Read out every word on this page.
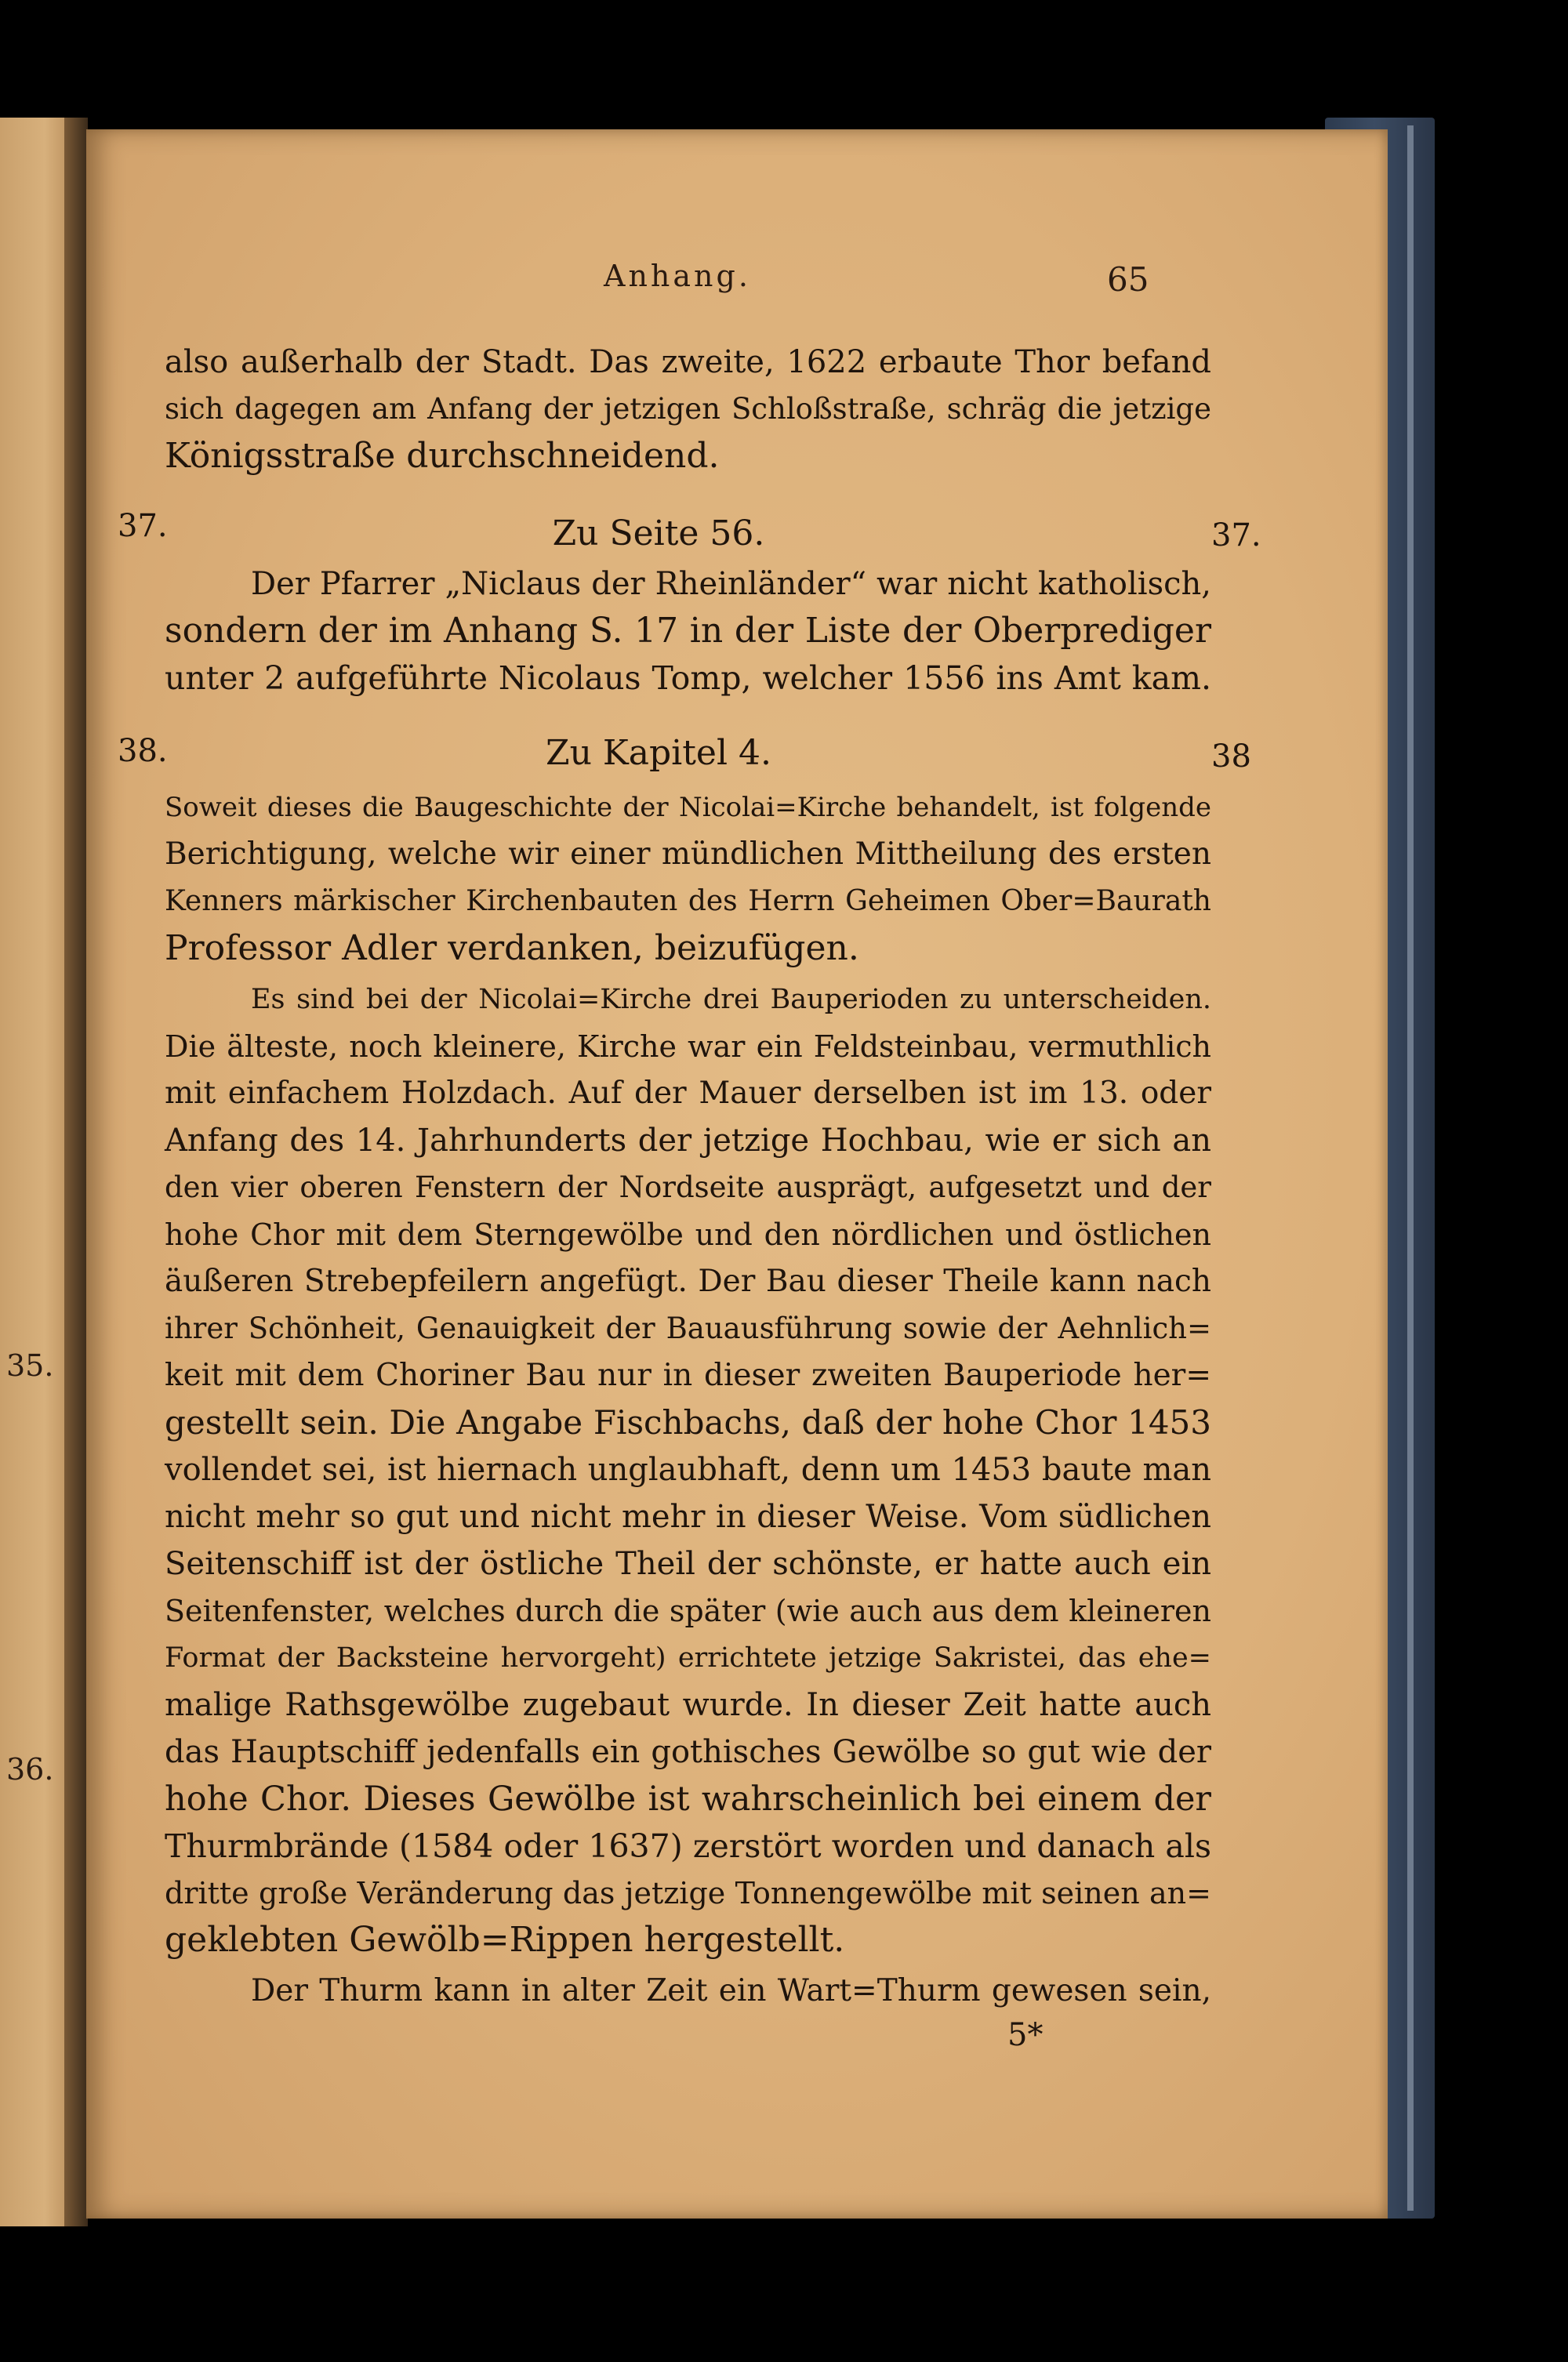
35.
36.
Anhang.	65
also außerhalb der Stadt. Das zweite, 1622 erbaute Thor befand
sich dagegen am Anfang der jetzigen Schloßstraße, schräg die jetzige
Königsstraße durchschneidend.
37.	37.
Zu Seite 56.
Der Pfarrer „Niclaus der Rheinländer“ war nicht katholisch,
sondern der im Anhang S. 17 in der Liste der Oberprediger
unter 2 aufgeführte Nicolaus Tomp, welcher 1556 ins Amt kam.
38.	38
Zu Kapitel 4.
Soweit dieses die Baugeschichte der Nicolai=Kirche behandelt, ist folgende
Berichtigung, welche wir einer mündlichen Mittheilung des ersten
Kenners märkischer Kirchenbauten des Herrn Geheimen Ober=Baurath
Professor Adler verdanken, beizufügen.
Es sind bei der Nicolai=Kirche drei Bauperioden zu unterscheiden.
Die älteste, noch kleinere, Kirche war ein Feldsteinbau, vermuthlich
mit einfachem Holzdach. Auf der Mauer derselben ist im 13. oder
Anfang des 14. Jahrhunderts der jetzige Hochbau, wie er sich an
den vier oberen Fenstern der Nordseite ausprägt, aufgesetzt und der
hohe Chor mit dem Sterngewölbe und den nördlichen und östlichen
äußeren Strebepfeilern angefügt. Der Bau dieser Theile kann nach
ihrer Schönheit, Genauigkeit der Bauausführung sowie der Aehnlich=
keit mit dem Choriner Bau nur in dieser zweiten Bauperiode her=
gestellt sein. Die Angabe Fischbachs, daß der hohe Chor 1453
vollendet sei, ist hiernach unglaubhaft, denn um 1453 baute man
nicht mehr so gut und nicht mehr in dieser Weise. Vom südlichen
Seitenschiff ist der östliche Theil der schönste, er hatte auch ein
Seitenfenster, welches durch die später (wie auch aus dem kleineren
Format der Backsteine hervorgeht) errichtete jetzige Sakristei, das ehe=
malige Rathsgewölbe zugebaut wurde. In dieser Zeit hatte auch
das Hauptschiff jedenfalls ein gothisches Gewölbe so gut wie der
hohe Chor. Dieses Gewölbe ist wahrscheinlich bei einem der
Thurmbrände (1584 oder 1637) zerstört worden und danach als
dritte große Veränderung das jetzige Tonnengewölbe mit seinen an=
geklebten Gewölb=Rippen hergestellt.
Der Thurm kann in alter Zeit ein Wart=Thurm gewesen sein,
5*
